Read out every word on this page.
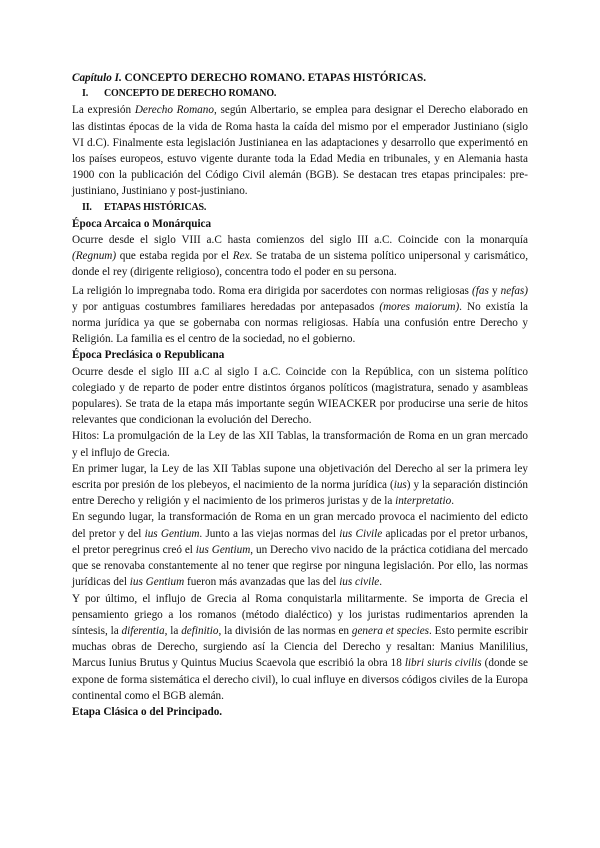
Capítulo I. CONCEPTO DERECHO ROMANO. ETAPAS HISTÓRICAS.

I. CONCEPTO DE DERECHO ROMANO.

La expresión Derecho Romano, según Albertario, se emplea para designar el Derecho elaborado en las distintas épocas de la vida de Roma hasta la caída del mismo por el emperador Justiniano (siglo VI d.C). Finalmente esta legislación Justinianea en las adaptaciones y desarrollo que experimentó en los países europeos, estuvo vigente durante toda la Edad Media en tribunales, y en Alemania hasta 1900 con la publicación del Código Civil alemán (BGB). Se destacan tres etapas principales: pre-justiniano, Justiniano y post-justiniano.

II. ETAPAS HISTÓRICAS.

Época Arcaica o Monárquica

Ocurre desde el siglo VIII a.C hasta comienzos del siglo III a.C. Coincide con la monarquía (Regnum) que estaba regida por el Rex. Se trataba de un sistema político unipersonal y carismático, donde el rey (dirigente religioso), concentra todo el poder en su persona.

La religión lo impregnaba todo. Roma era dirigida por sacerdotes con normas religiosas (fas y nefas) y por antiguas costumbres familiares heredadas por antepasados (mores maiorum). No existía la norma jurídica ya que se gobernaba con normas religiosas. Había una confusión entre Derecho y Religión. La familia es el centro de la sociedad, no el gobierno.

Época Preclásica o Republicana

Ocurre desde el siglo III a.C al siglo I a.C. Coincide con la República, con un sistema político colegiado y de reparto de poder entre distintos órganos políticos (magistratura, senado y asambleas populares). Se trata de la etapa más importante según WIEACKER por producirse una serie de hitos relevantes que condicionan la evolución del Derecho.

Hitos: La promulgación de la Ley de las XII Tablas, la transformación de Roma en un gran mercado y el influjo de Grecia.

En primer lugar, la Ley de las XII Tablas supone una objetivación del Derecho al ser la primera ley escrita por presión de los plebeyos, el nacimiento de la norma jurídica (ius) y la separación distinción entre Derecho y religión y el nacimiento de los primeros juristas y de la interpretatio.

En segundo lugar, la transformación de Roma en un gran mercado provoca el nacimiento del edicto del pretor y del ius Gentium. Junto a las viejas normas del ius Civile aplicadas por el pretor urbanos, el pretor peregrinus creó el ius Gentium, un Derecho vivo nacido de la práctica cotidiana del mercado que se renovaba constantemente al no tener que regirse por ninguna legislación. Por ello, las normas jurídicas del ius Gentium fueron más avanzadas que las del ius civile.

Y por último, el influjo de Grecia al Roma conquistarla militarmente. Se importa de Grecia el pensamiento griego a los romanos (método dialéctico) y los juristas rudimentarios aprenden la síntesis, la diferentia, la definitio, la división de las normas en genera et species. Esto permite escribir muchas obras de Derecho, surgiendo así la Ciencia del Derecho y resaltan: Manius Manililius, Marcus Iunius Brutus y Quintus Mucius Scaevola que escribió la obra 18 libri siuris civilis (donde se expone de forma sistemática el derecho civil), lo cual influye en diversos códigos civiles de la Europa continental como el BGB alemán.

Etapa Clásica o del Principado.
